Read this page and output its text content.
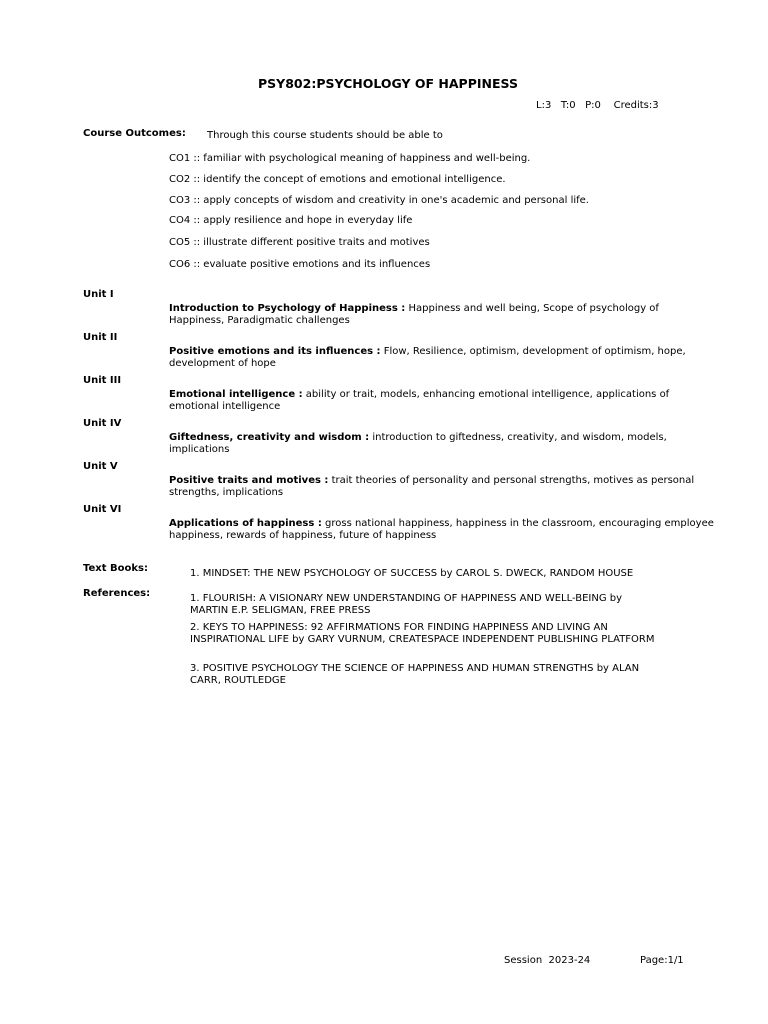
PSY802:PSYCHOLOGY OF HAPPINESS
L:3   T:0   P:0    Credits:3
Course Outcomes: Through this course students should be able to
CO1 :: familiar with psychological meaning of happiness and well-being.
CO2 :: identify the concept of emotions and emotional intelligence.
CO3 :: apply concepts of wisdom and creativity in one's academic and personal life.
CO4 :: apply resilience and hope in everyday life
CO5 :: illustrate different positive traits and motives
CO6 :: evaluate positive emotions and its influences
Unit I
Introduction to Psychology of Happiness : Happiness and well being, Scope of psychology of Happiness, Paradigmatic challenges
Unit II
Positive emotions and its influences : Flow, Resilience, optimism, development of optimism, hope, development of hope
Unit III
Emotional intelligence : ability or trait, models, enhancing emotional intelligence, applications of emotional intelligence
Unit IV
Giftedness, creativity and wisdom : introduction to giftedness, creativity, and wisdom, models, implications
Unit V
Positive traits and motives : trait theories of personality and personal strengths, motives as personal strengths, implications
Unit VI
Applications of happiness : gross national happiness, happiness in the classroom, encouraging employee happiness, rewards of happiness, future of happiness
Text Books:	1. MINDSET: THE NEW PSYCHOLOGY OF SUCCESS by CAROL S. DWECK, RANDOM HOUSE
References:	1. FLOURISH: A VISIONARY NEW UNDERSTANDING OF HAPPINESS AND WELL-BEING by MARTIN E.P. SELIGMAN, FREE PRESS
2. KEYS TO HAPPINESS: 92 AFFIRMATIONS FOR FINDING HAPPINESS AND LIVING AN INSPIRATIONAL LIFE by GARY VURNUM, CREATESPACE INDEPENDENT PUBLISHING PLATFORM
3. POSITIVE PSYCHOLOGY THE SCIENCE OF HAPPINESS AND HUMAN STRENGTHS by ALAN CARR, ROUTLEDGE
Session  2023-24	Page:1/1
